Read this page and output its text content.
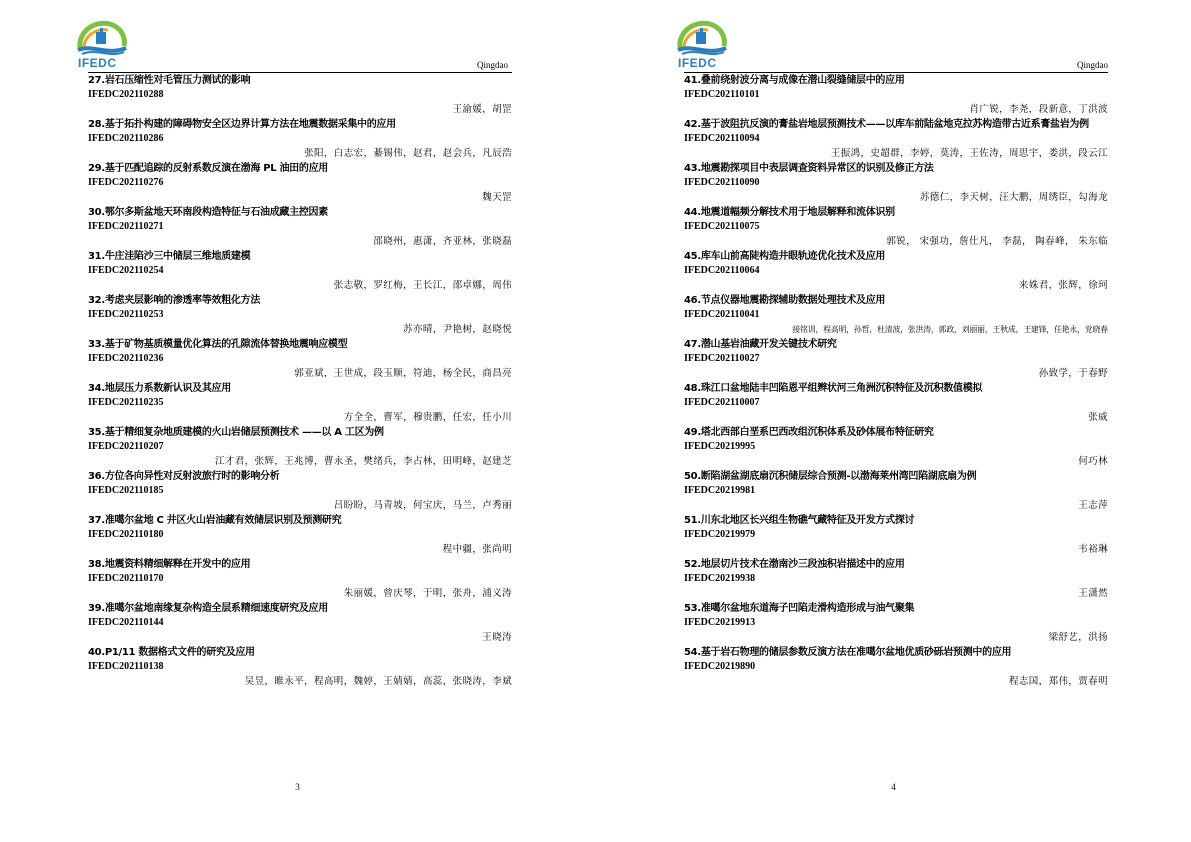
IFEDC	Qingdao
27.岩石压缩性对毛管压力测试的影响
IFEDC202110288
王渝媛，胡罡
28.基于拓扑构建的障碍物安全区边界计算方法在地震数据采集中的应用
IFEDC202110286
张阳，白志宏，綦锡伟，赵君，赵会兵，凡辰浩
29.基于匹配追踪的反射系数反演在渤海 PL 油田的应用
IFEDC202110276
魏天罡
30.鄂尔多斯盆地天环南段构造特征与石油成藏主控因素
IFEDC202110271
邵晓州，惠潇，齐亚林，张晓磊
31.牛庄洼陷沙三中储层三维地质建模
IFEDC202110254
张志敬，罗红梅，王长江，邵卓娜，周伟
32.考虑夹层影响的渗透率等效粗化方法
IFEDC202110253
苏亦晴，尹艳树，赵晓悦
33.基于矿物基质模量优化算法的孔隙流体替换地震响应模型
IFEDC202110236
郭亚斌，王世成，段玉顺，符迪，杨全民，商昌亮
34.地层压力系数新认识及其应用
IFEDC202110235
方全全，曹军，穆贵鹏，任宏，任小川
35.基于精细复杂地质建模的火山岩储层预测技术 ——以 A 工区为例
IFEDC202110207
江才君，张辉，王兆博，曹永圣，樊绪兵，李占林，田明峰，赵建芝
36.方位各向异性对反射波旅行时的影响分析
IFEDC202110185
吕盼盼，马青坡，何宝庆，马兰，卢秀丽
37.准噶尔盆地 C 井区火山岩油藏有效储层识别及预测研究
IFEDC202110180
程中疆，张尚明
38.地震资料精细解释在开发中的应用
IFEDC202110170
朱丽媛，曾庆琴，于明，张舟，浦义涛
39.准噶尔盆地南缘复杂构造全层系精细速度研究及应用
IFEDC202110144
王晓涛
40.P1/11 数据格式文件的研究及应用
IFEDC202110138
吴昱，睢永平，程高明，魏婷，王婧婧，高蕊，张晓涛，李斌
3
IFEDC	Qingdao
41.叠前绕射波分离与成像在潜山裂缝储层中的应用
IFEDC202110101
肖广锐，李尧，段新意，丁洪波
42.基于波阻抗反演的膏盐岩地层预测技术——以库车前陆盆地克拉苏构造带古近系膏盐岩为例
IFEDC202110094
王振鸿，史超群，李婷，莫涛，王佐涛，周思宇，娄洪，段云江
43.地震勘探项目中表层调查资料异常区的识别及修正方法
IFEDC202110090
苏德仁，李天树，汪大鹏，周绣臣，勾海龙
44.地震道幅频分解技术用于地层解释和流体识别
IFEDC202110075
郭锐， 宋强功，詹仕凡， 李磊， 陶春峰， 朱东临
45.库车山前高陡构造井眼轨迹优化技术及应用
IFEDC202110064
来姝君，张辉，徐珂
46.节点仪器地震勘探辅助数据处理技术及应用
IFEDC202110041
接铭训，程高明，孙哲，杜清波，张洪涛，郭政，刘丽丽，王秋成，王建锋，任艳永，党晓春
47.潜山基岩油藏开发关键技术研究
IFEDC202110027
孙致学，于春野
48.珠江口盆地陆丰凹陷恩平组辫状河三角洲沉积特征及沉积数值模拟
IFEDC202110007
张威
49.塔北西部白垩系巴西改组沉积体系及砂体展布特征研究
IFEDC20219995
何巧林
50.断陷湖盆湖底扇沉积储层综合预测-以渤海莱州湾凹陷湖底扇为例
IFEDC20219981
王志萍
51.川东北地区长兴组生物礁气藏特征及开发方式探讨
IFEDC20219979
韦裕琳
52.地层切片技术在渤南沙三段浊积岩描述中的应用
IFEDC20219938
王潇然
53.准噶尔盆地东道海子凹陷走滑构造形成与油气聚集
IFEDC20219913
梁舒艺，洪扬
54.基于岩石物理的储层参数反演方法在准噶尔盆地优质砂砾岩预测中的应用
IFEDC20219890
程志国，郑伟，贾春明
4
